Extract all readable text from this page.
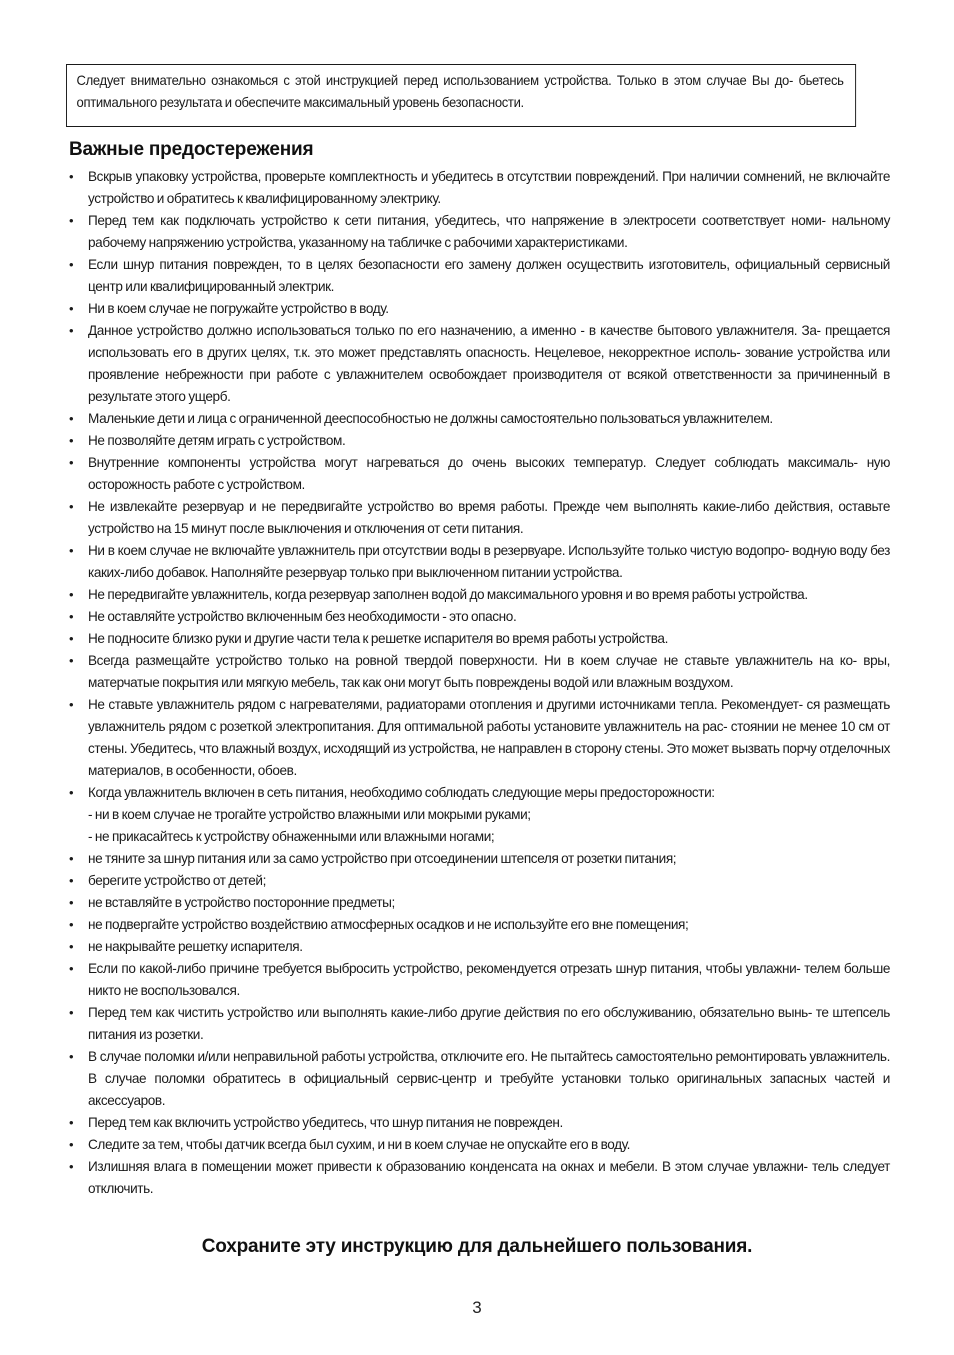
Следует внимательно ознакомься с этой инструкцией перед использованием устройства. Только в этом случае Вы до- бьетесь оптимального результата и обеспечите максимальный уровень безопасности.

Важные предостережения
•	Вскрыв упаковку устройства, проверьте комплектность и убедитесь в отсутствии повреждений. При наличии сомнений, не включайте устройство и обратитесь к квалифицированному электрику.
•	Перед тем как подключать устройство к сети питания, убедитесь, что напряжение в электросети соответствует номи- нальному рабочему напряжению устройства, указанному на табличке с рабочими характеристиками.
•	Если шнур питания поврежден, то в целях безопасности его замену должен осуществить изготовитель, официальный сервисный центр или квалифицированный электрик.
•	Ни в коем случае не погружайте устройство в воду.
•	Данное устройство должно использоваться только по его назначению, а именно - в качестве бытового увлажнителя. За- прещается использовать его в других целях, т.к. это может представлять опасность. Нецелевое, некорректное исполь- зование устройства или проявление небрежности при работе с увлажнителем освобождает производителя от всякой ответственности за причиненный в результате этого ущерб.
•	Маленькие дети и лица с ограниченной дееспособностью не должны самостоятельно пользоваться увлажнителем.
•	Не позволяйте детям играть с устройством.
•	Внутренние компоненты устройства могут нагреваться до очень высоких температур. Следует соблюдать максималь- ную осторожность работе с устройством.
•	Не извлекайте резервуар и не передвигайте устройство во время работы. Прежде чем выполнять какие-либо действия, оставьте устройство на 15 минут после выключения и отключения от сети питания.
•	Ни в коем случае не включайте увлажнитель при отсутствии воды в резервуаре. Используйте только чистую водопро- водную воду без каких-либо добавок. Наполняйте резервуар только при выключенном питании устройства.
•	Не передвигайте увлажнитель, когда резервуар заполнен водой до максимального уровня и во время работы устройства.
•	Не оставляйте устройство включенным без необходимости - это опасно.
•	Не подносите близко руки и другие части тела к решетке испарителя во время работы устройства.
•	Всегда размещайте устройство только на ровной твердой поверхности. Ни в коем случае не ставьте увлажнитель на ко- вры, матерчатые покрытия или мягкую мебель, так как они могут быть повреждены водой или влажным воздухом.
•	Не ставьте увлажнитель рядом с нагревателями, радиаторами отопления и другими источниками тепла. Рекомендует- ся размещать увлажнитель рядом с розеткой электропитания. Для оптимальной работы установите увлажнитель на рас- стоянии не менее 10 см от стены. Убедитесь, что влажный воздух, исходящий из устройства, не направлен в сторону стены. Это может вызвать порчу отделочных материалов, в особенности, обоев.
•	Когда увлажнитель включен в сеть питания, необходимо соблюдать следующие меры предосторожности:
- ни в коем случае не трогайте устройство влажными или мокрыми руками;
- не прикасайтесь к устройству обнаженными или влажными ногами;
•	не тяните за шнур питания или за само устройство при отсоединении штепселя от розетки питания;
•	берегите устройство от детей;
•	не вставляйте в устройство посторонние предметы;
•	не подвергайте устройство воздействию атмосферных осадков и не используйте его вне помещения;
•	не накрывайте решетку испарителя.
•	Если по какой-либо причине требуется выбросить устройство, рекомендуется отрезать шнур питания, чтобы увлажни- телем больше никто не воспользовался.
•	Перед тем как чистить устройство или выполнять какие-либо другие действия по его обслуживанию, обязательно вынь- те штепсель питания из розетки.
•	В случае поломки и/или неправильной работы устройства, отключите его. Не пытайтесь самостоятельно ремонтировать увлажнитель. В случае поломки обратитесь в официальный сервис-центр и требуйте установки только оригинальных запасных частей и аксессуаров.
•	Перед тем как включить устройство убедитесь, что шнур питания не поврежден.
•	Следите за тем, чтобы датчик всегда был сухим, и ни в коем случае не опускайте его в воду.
•	Излишняя влага в помещении может привести к образованию конденсата на окнах и мебели. В этом случае увлажни- тель следует отключить.

Сохраните эту инструкцию для дальнейшего пользования.

3
